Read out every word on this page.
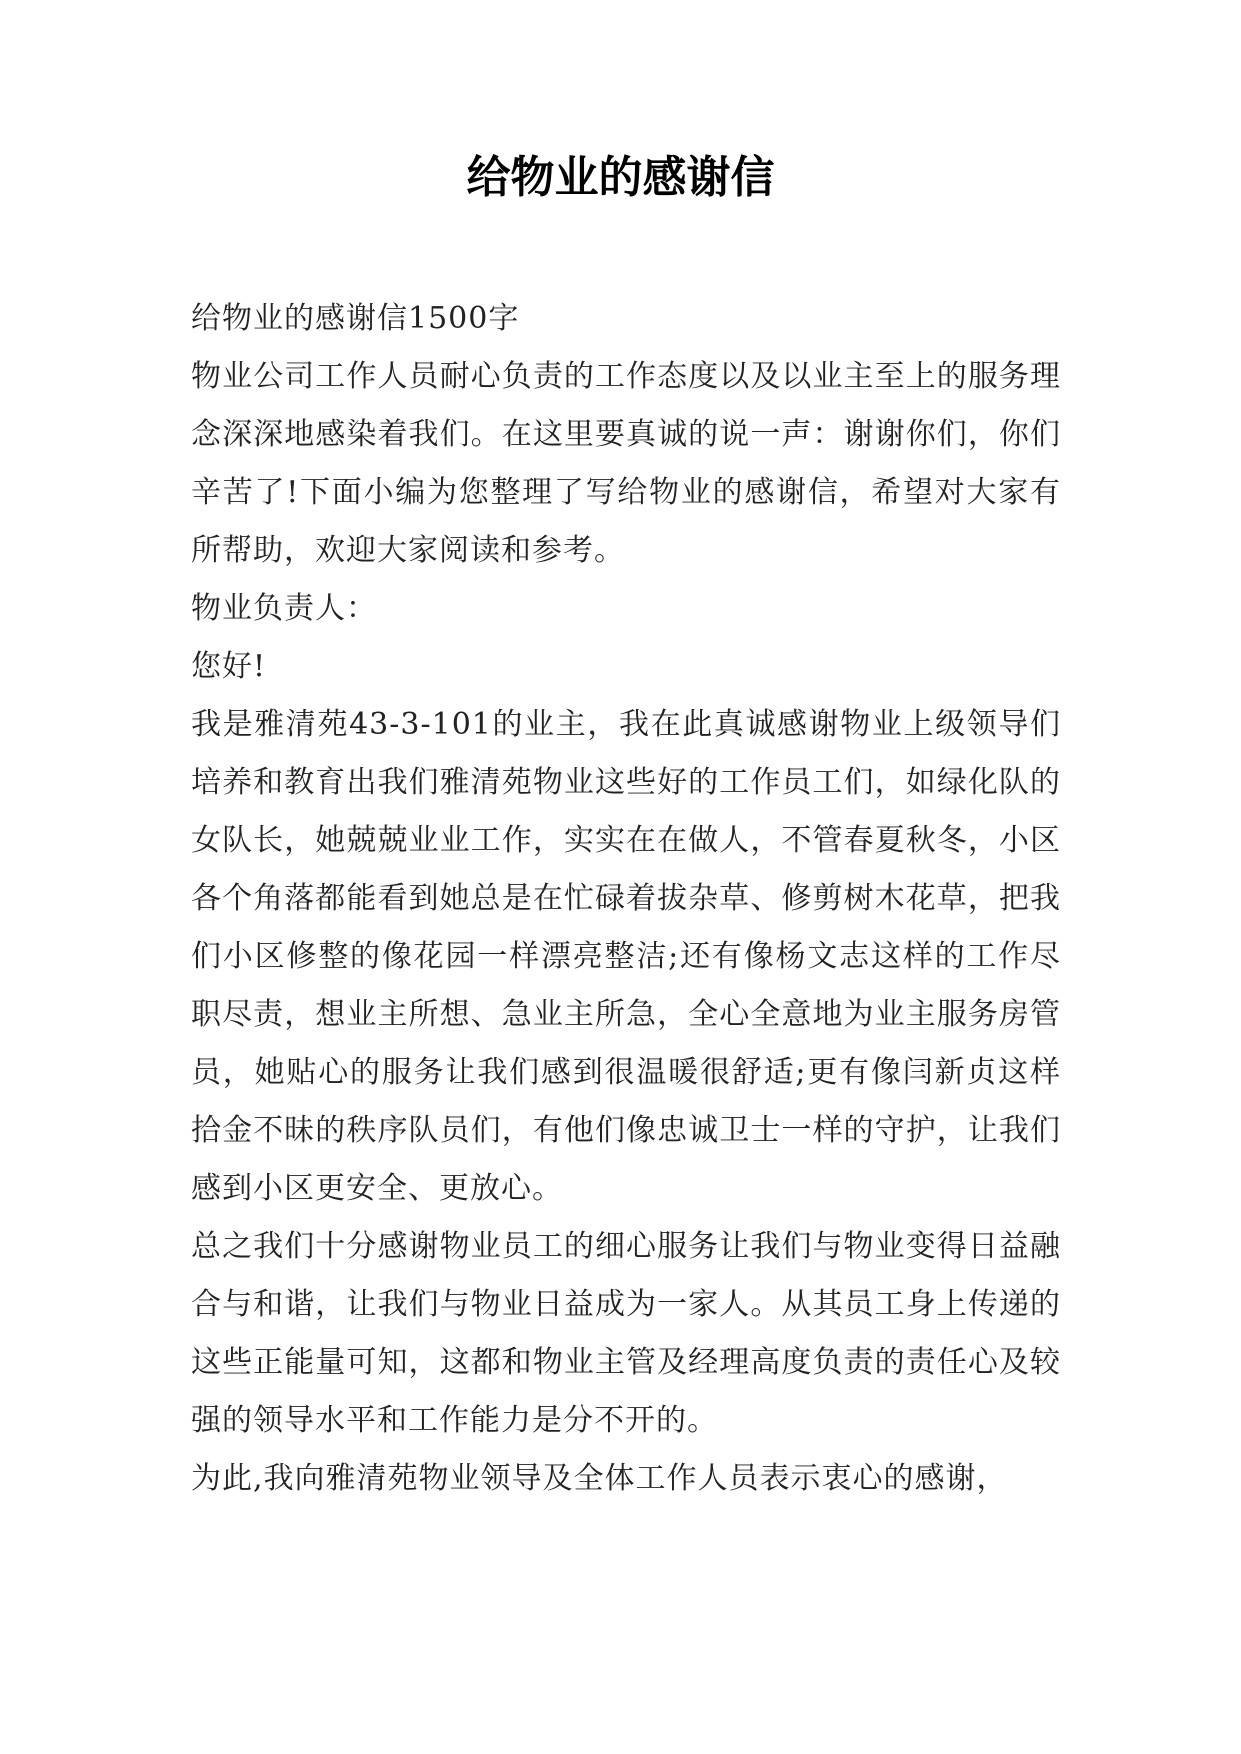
给物业的感谢信

给物业的感谢信1500字

物业公司工作人员耐心负责的工作态度以及以业主至上的服务理念深深地感染着我们。在这里要真诚的说一声：谢谢你们，你们辛苦了!下面小编为您整理了写给物业的感谢信，希望对大家有所帮助，欢迎大家阅读和参考。

物业负责人：

您好!

我是雅清苑43-3-101的业主，我在此真诚感谢物业上级领导们培养和教育出我们雅清苑物业这些好的工作员工们，如绿化队的女队长，她兢兢业业工作，实实在在做人，不管春夏秋冬，小区各个角落都能看到她总是在忙碌着拔杂草、修剪树木花草，把我们小区修整的像花园一样漂亮整洁;还有像杨文志这样的工作尽职尽责，想业主所想、急业主所急，全心全意地为业主服务房管员，她贴心的服务让我们感到很温暖很舒适;更有像闫新贞这样拾金不昧的秩序队员们，有他们像忠诚卫士一样的守护，让我们感到小区更安全、更放心。

总之我们十分感谢物业员工的细心服务让我们与物业变得日益融合与和谐，让我们与物业日益成为一家人。从其员工身上传递的这些正能量可知，这都和物业主管及经理高度负责的责任心及较强的领导水平和工作能力是分不开的。

为此,我向雅清苑物业领导及全体工作人员表示衷心的感谢，
